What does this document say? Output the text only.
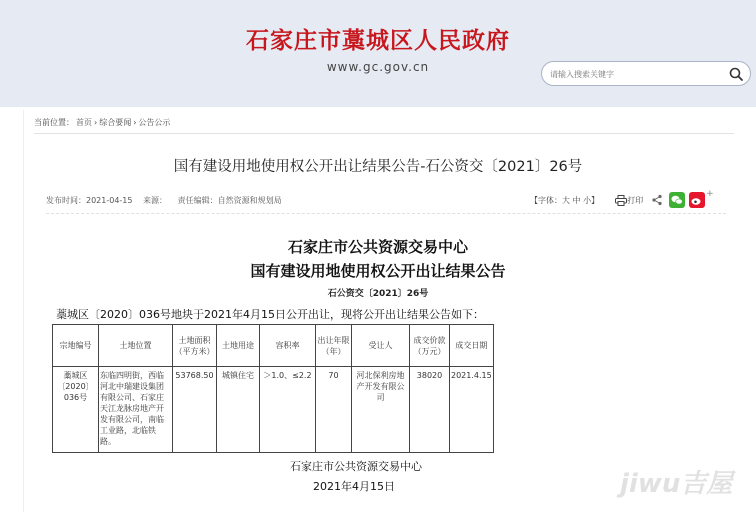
石家庄市藁城区人民政府
www.gc.gov.cn
请输入搜索关键字
当前位置： 首页 › 综合要闻 › 公告公示
国有建设用地使用权公开出让结果公告-石公资交〔2021〕26号
发布时间：2021-04-15 来源： 责任编辑：自然资源和规划局	【字体：大 中 小】	打印
+
石家庄市公共资源交易中心
国有建设用地使用权公开出让结果公告
石公资交〔2021〕26号
藁城区〔2020〕036号地块于2021年4月15日公开出让，现将公开出让结果公告如下：
宗地编号	土地位置	土地面积（平方米）	土地用途	容积率	出让年限（年）	受让人	成交价款（万元）	成交日期
藁城区〔2020〕036号	东临四明街，西临河北中瑞建设集团有限公司、石家庄天江龙脉房地产开发有限公司，南临工业路，北临铁路。	53768.50	城镇住宅	＞1.0、≤2.2	70	河北保利房地产开发有限公司	38020	2021.4.15
石家庄市公共资源交易中心
2021年4月15日	jiwu吉屋
